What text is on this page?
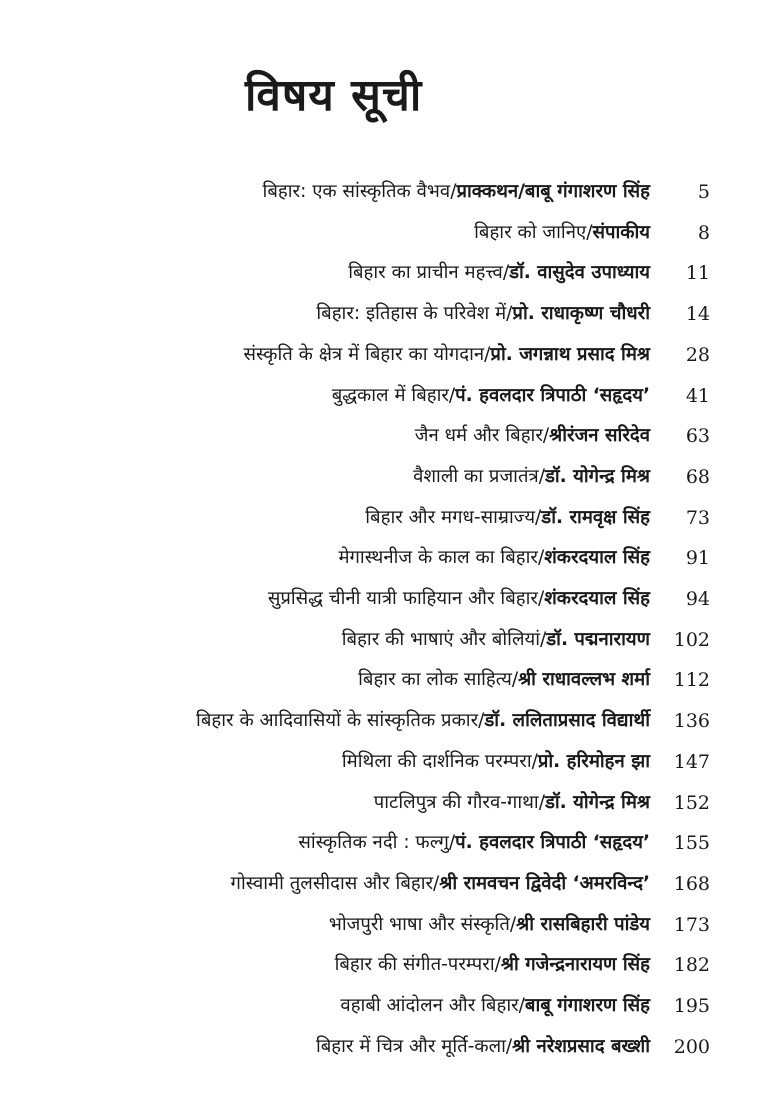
विषय सूची
बिहार: एक सांस्कृतिक वैभव/प्राक्कथन/बाबू गंगाशरण सिंह	5
बिहार को जानिए/संपाकीय	8
बिहार का प्राचीन महत्त्व/डॉ. वासुदेव उपाध्याय 11
बिहार: इतिहास के परिवेश में/प्रो. राधाकृष्ण चौधरी 14
संस्कृति के क्षेत्र में बिहार का योगदान/प्रो. जगन्नाथ प्रसाद मिश्र 28
बुद्धकाल में बिहार/पं. हवलदार त्रिपाठी ‘सहृदय’ 41
जैन धर्म और बिहार/श्रीरंजन सरिदेव 63
वैशाली का प्रजातंत्र/डॉ. योगेन्द्र मिश्र 68
बिहार और मगध-साम्राज्य/डॉ. रामवृक्ष सिंह 73
मेगास्थनीज के काल का बिहार/शंकरदयाल सिंह 91
सुप्रसिद्ध चीनी यात्री फाहियान और बिहार/शंकरदयाल सिंह 94
बिहार की भाषाएं और बोलियां/डॉ. पद्मनारायण 102
बिहार का लोक साहित्य/श्री राधावल्लभ शर्मा 112
बिहार के आदिवासियों के सांस्कृतिक प्रकार/डॉ. ललिताप्रसाद विद्यार्थी 136
मिथिला की दार्शनिक परम्परा/प्रो. हरिमोहन झा 147
पाटलिपुत्र की गौरव-गाथा/डॉ. योगेन्द्र मिश्र 152
सांस्कृतिक नदी : फल्गु/पं. हवलदार त्रिपाठी ‘सहृदय’ 155
गोस्वामी तुलसीदास और बिहार/श्री रामवचन द्विवेदी ‘अमरविन्द’ 168
भोजपुरी भाषा और संस्कृति/श्री रासबिहारी पांडेय 173
बिहार की संगीत-परम्परा/श्री गजेन्द्रनारायण सिंह 182
वहाबी आंदोलन और बिहार/बाबू गंगाशरण सिंह 195
बिहार में चित्र और मूर्ति-कला/श्री नरेशप्रसाद बख्शी 200
